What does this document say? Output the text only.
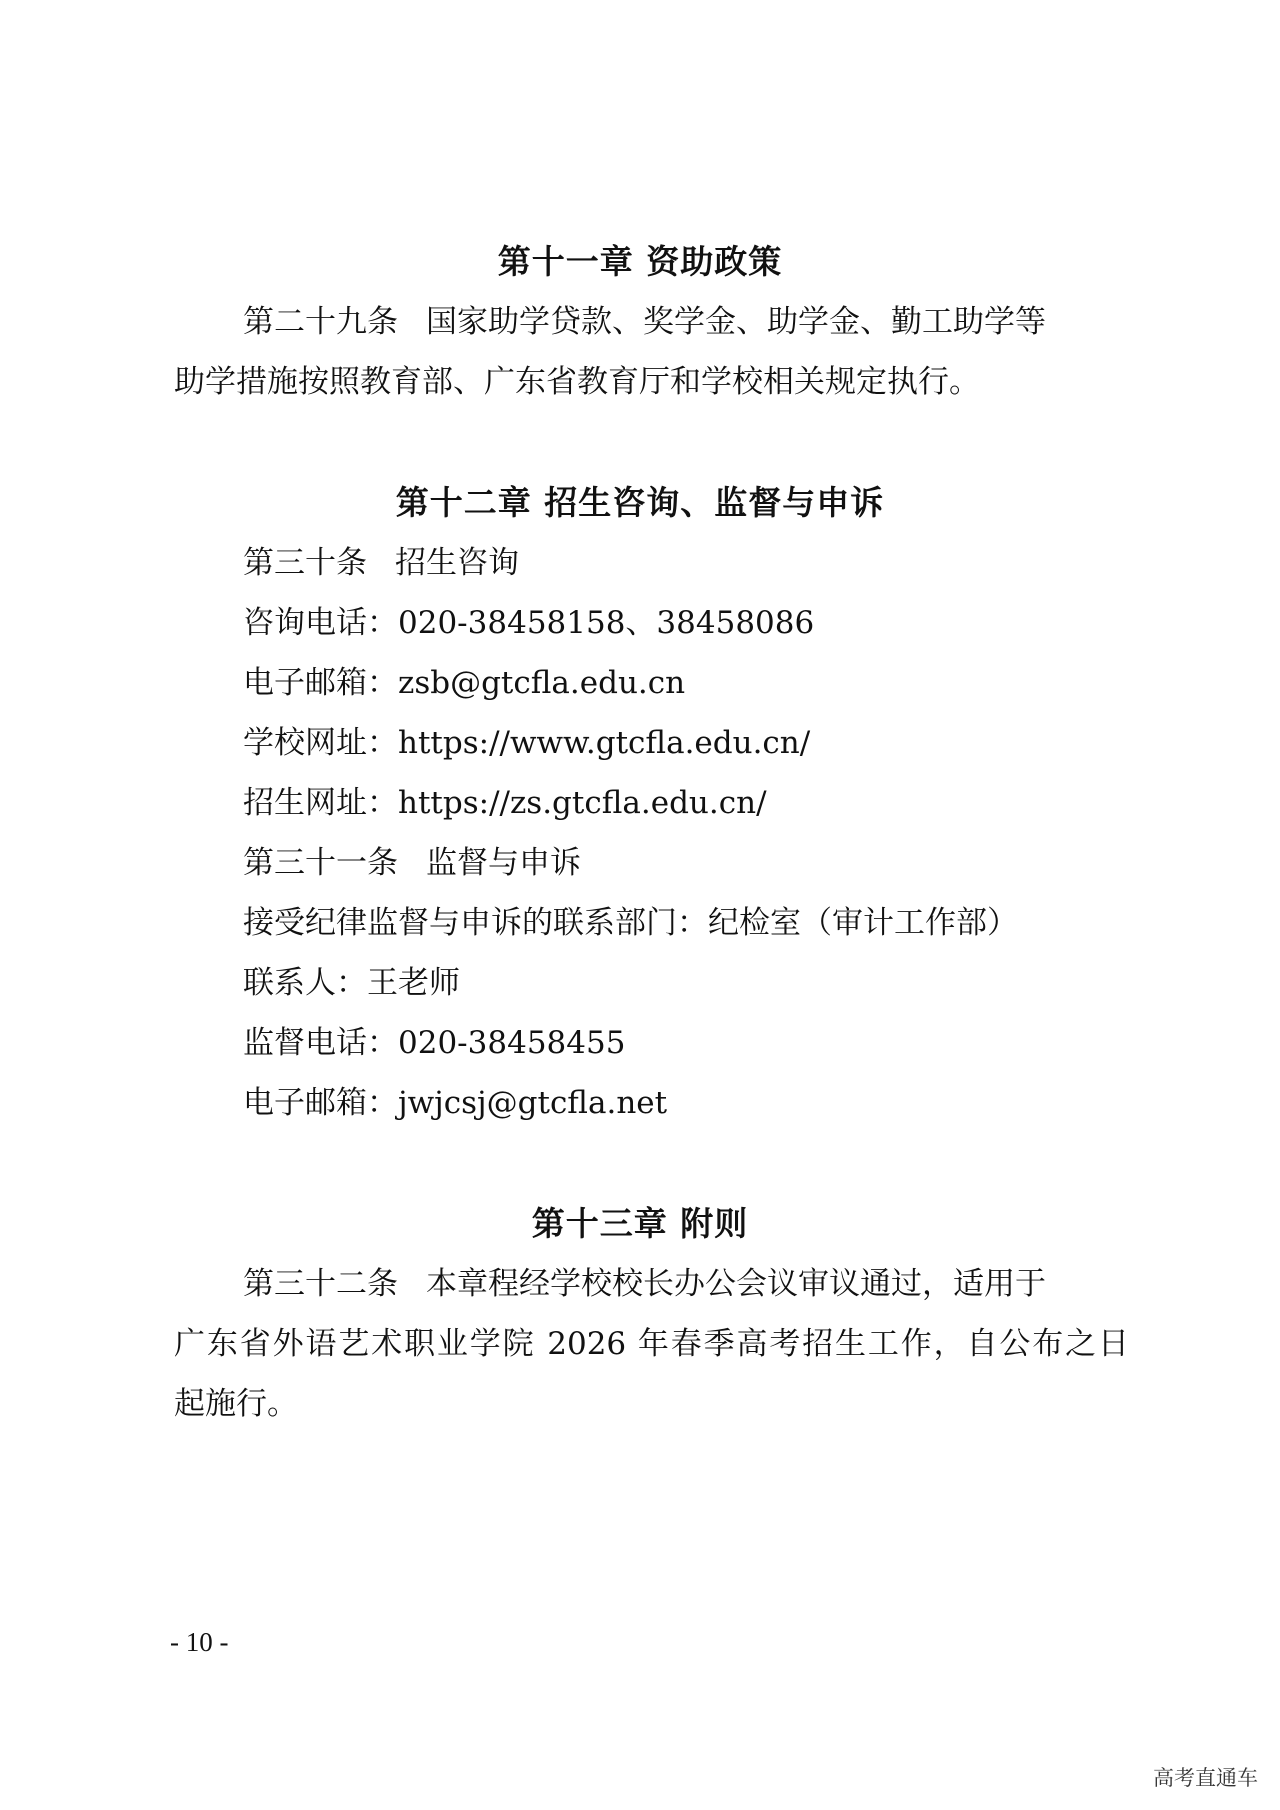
第十一章 资助政策
第二十九条 国家助学贷款、奖学金、助学金、勤工助学等
助学措施按照教育部、广东省教育厅和学校相关规定执行。
第十二章 招生咨询、监督与申诉
第三十条 招生咨询
咨询电话：020-38458158、38458086
电子邮箱：zsb@gtcfla.edu.cn
学校网址：https://www.gtcfla.edu.cn/
招生网址：https://zs.gtcfla.edu.cn/
第三十一条 监督与申诉
接受纪律监督与申诉的联系部门：纪检室（审计工作部）
联系人：王老师
监督电话：020-38458455
电子邮箱：jwjcsj@gtcfla.net
第十三章 附则
第三十二条 本章程经学校校长办公会议审议通过，适用于
广东省外语艺术职业学院 2026 年春季高考招生工作，自公布之日
起施行。
- 10 -
高考直通车
